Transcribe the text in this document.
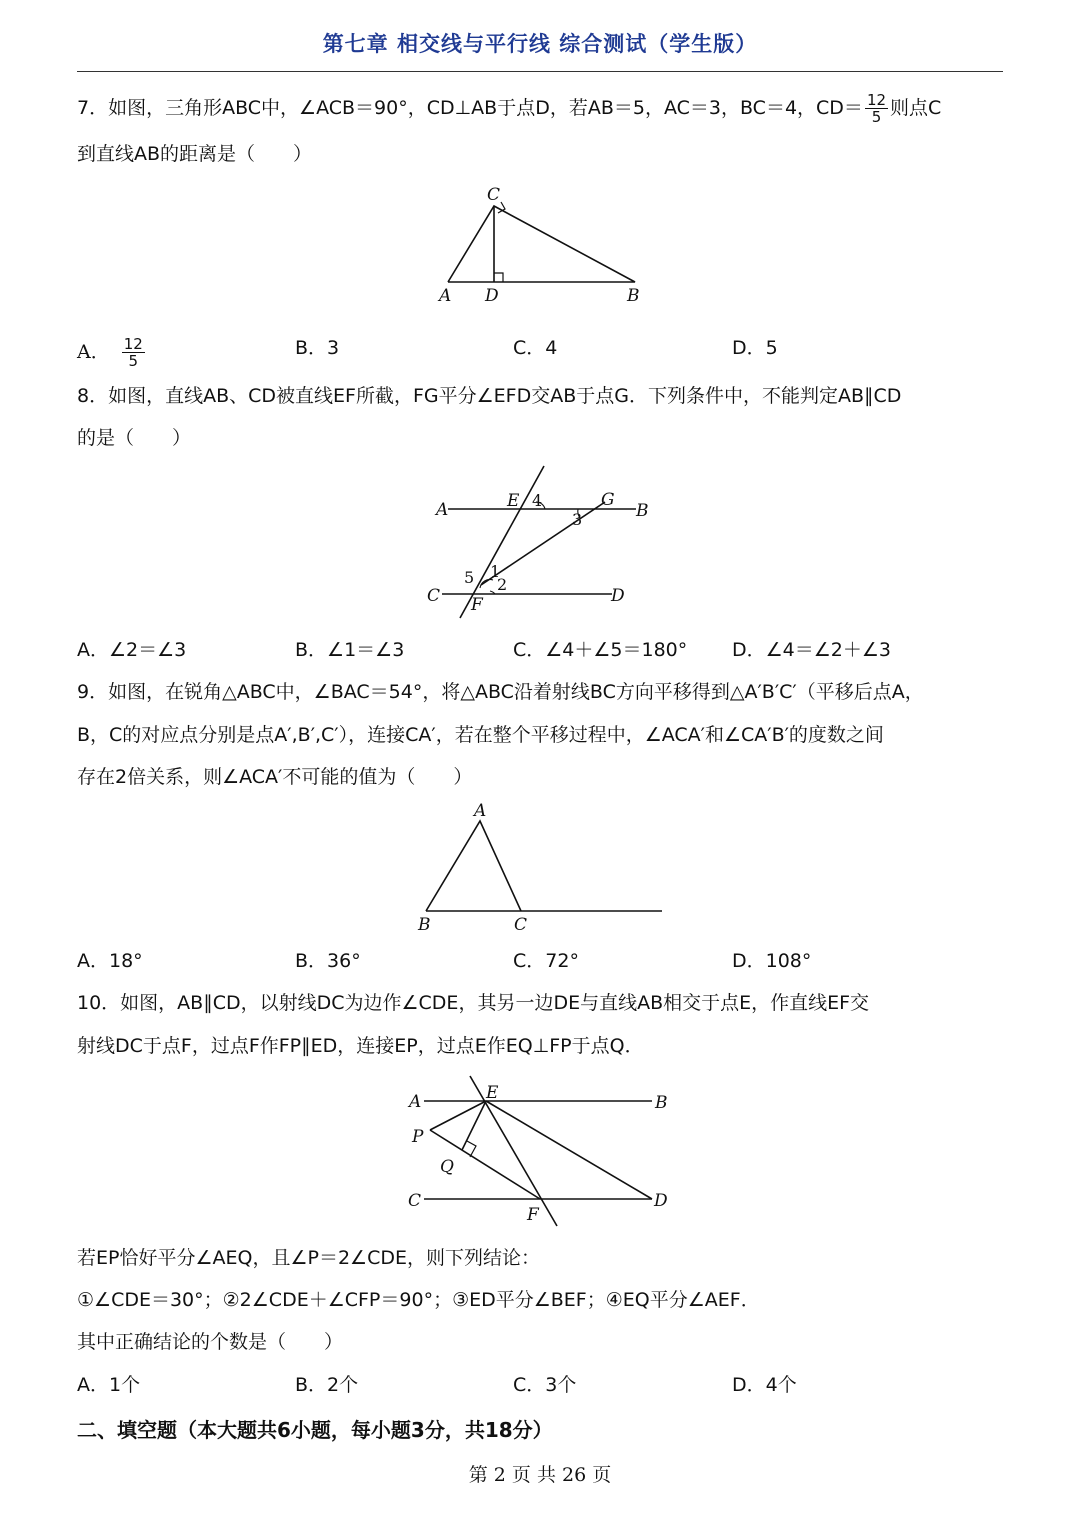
第七章 相交线与平行线 综合测试（学生版）
7．如图，三角形ABC中，∠ACB＝90°，CD⊥AB于点D，若AB＝5，AC＝3，BC＝4，$CD= \frac{12}{5}$ 则点C
到直线AB的距离是（　　）
C
A D	B
A． $\frac{12}{5}$	B．3	C．4	D．5
8．如图，直线AB、CD被直线EF所截，FG平分∠EFD交AB于点G．下列条件中，不能判定AB∥CD
的是（　　）
A	E 4	G
B
3
5 1
2
C F	D
A．∠2＝∠3	B．∠1＝∠3	C．∠4＋∠5＝180° D．∠4＝∠2＋∠3
9．如图，在锐角△ABC中，∠BAC＝54°，将△ABC沿着射线BC方向平移得到△A′B′C′（平移后点A，
B，C的对应点分别是点A′,B′,C′），连接CA′，若在整个平移过程中，∠ACA′和∠CA′B′的度数之间
存在2倍关系，则∠ACA′不可能的值为（　　）
A
B	C
A．18°	B．36°	C．72°	D．108°
10．如图，AB∥CD，以射线DC为边作∠CDE，其另一边DE与直线AB相交于点E，作直线EF交
射线DC于点F，过点F作FP∥ED，连接EP，过点E作EQ⊥FP于点Q．
A	E	B
P
Q
C
F
D
若EP恰好平分∠AEQ，且∠P＝2∠CDE，则下列结论：
①∠CDE＝30°；②2∠CDE＋∠CFP＝90°；③ED平分∠BEF；④EQ平分∠AEF．
其中正确结论的个数是（　　）
A．1个	B．2个	C．3个	D．4个
二、填空题（本大题共6小题，每小题3分，共18分）
第 2 页 共 26 页
